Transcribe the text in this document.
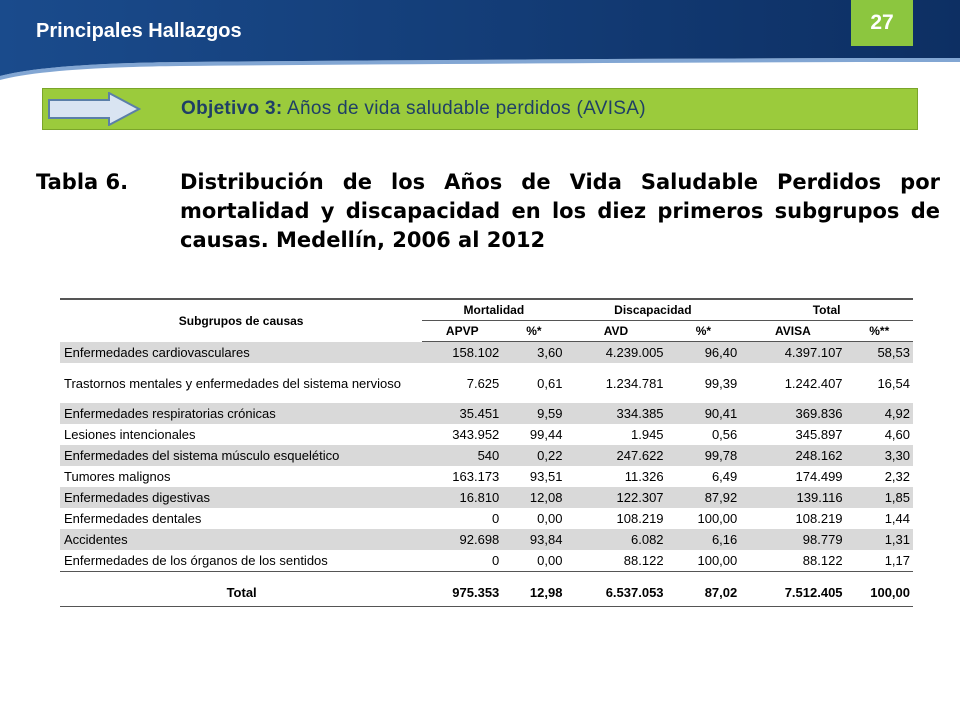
Principales Hallazgos	27
Objetivo 3: Años de vida saludable perdidos (AVISA)
Tabla 6. Distribución de los Años de Vida Saludable Perdidos por mortalidad y discapacidad en los diez primeros subgrupos de causas. Medellín, 2006 al 2012
Subgrupos de causas	Mortalidad		Discapacidad		Total	
	APVP	%*	AVD	%*	AVISA	%**
Enfermedades cardiovasculares	158.102	3,60	4.239.005	96,40	4.397.107	58,53
Trastornos mentales y enfermedades del sistema nervioso	7.625	0,61	1.234.781	99,39	1.242.407	16,54
Enfermedades respiratorias crónicas	35.451	9,59	334.385	90,41	369.836	4,92
Lesiones intencionales	343.952	99,44	1.945	0,56	345.897	4,60
Enfermedades del sistema músculo esquelético	540	0,22	247.622	99,78	248.162	3,30
Tumores malignos	163.173	93,51	11.326	6,49	174.499	2,32
Enfermedades digestivas	16.810	12,08	122.307	87,92	139.116	1,85
Enfermedades dentales	0	0,00	108.219	100,00	108.219	1,44
Accidentes	92.698	93,84	6.082	6,16	98.779	1,31
Enfermedades de los órganos de los sentidos	0	0,00	88.122	100,00	88.122	1,17

Total	975.353	12,98	6.537.053	87,02	7.512.405	100,00
